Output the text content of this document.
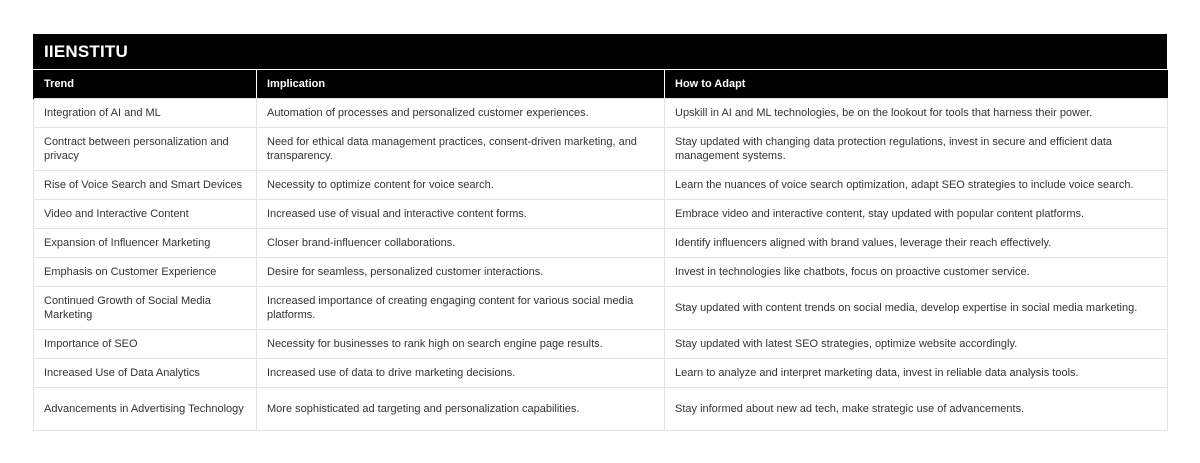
IIENSTITU
Trend	Implication	How to Adapt
Integration of AI and ML	Automation of processes and personalized customer experiences.	Upskill in AI and ML technologies, be on the lookout for tools that harness their power.
Contract between personalization and privacy	Need for ethical data management practices, consent-driven marketing, and transparency.	Stay updated with changing data protection regulations, invest in secure and efficient data management systems.
Rise of Voice Search and Smart Devices	Necessity to optimize content for voice search.	Learn the nuances of voice search optimization, adapt SEO strategies to include voice search.
Video and Interactive Content	Increased use of visual and interactive content forms.	Embrace video and interactive content, stay updated with popular content platforms.
Expansion of Influencer Marketing	Closer brand-influencer collaborations.	Identify influencers aligned with brand values, leverage their reach effectively.
Emphasis on Customer Experience	Desire for seamless, personalized customer interactions.	Invest in technologies like chatbots, focus on proactive customer service.
Continued Growth of Social Media Marketing	Increased importance of creating engaging content for various social media platforms.	Stay updated with content trends on social media, develop expertise in social media marketing.
Importance of SEO	Necessity for businesses to rank high on search engine page results.	Stay updated with latest SEO strategies, optimize website accordingly.
Increased Use of Data Analytics	Increased use of data to drive marketing decisions.	Learn to analyze and interpret marketing data, invest in reliable data analysis tools.
Advancements in Advertising Technology	More sophisticated ad targeting and personalization capabilities.	Stay informed about new ad tech, make strategic use of advancements.
